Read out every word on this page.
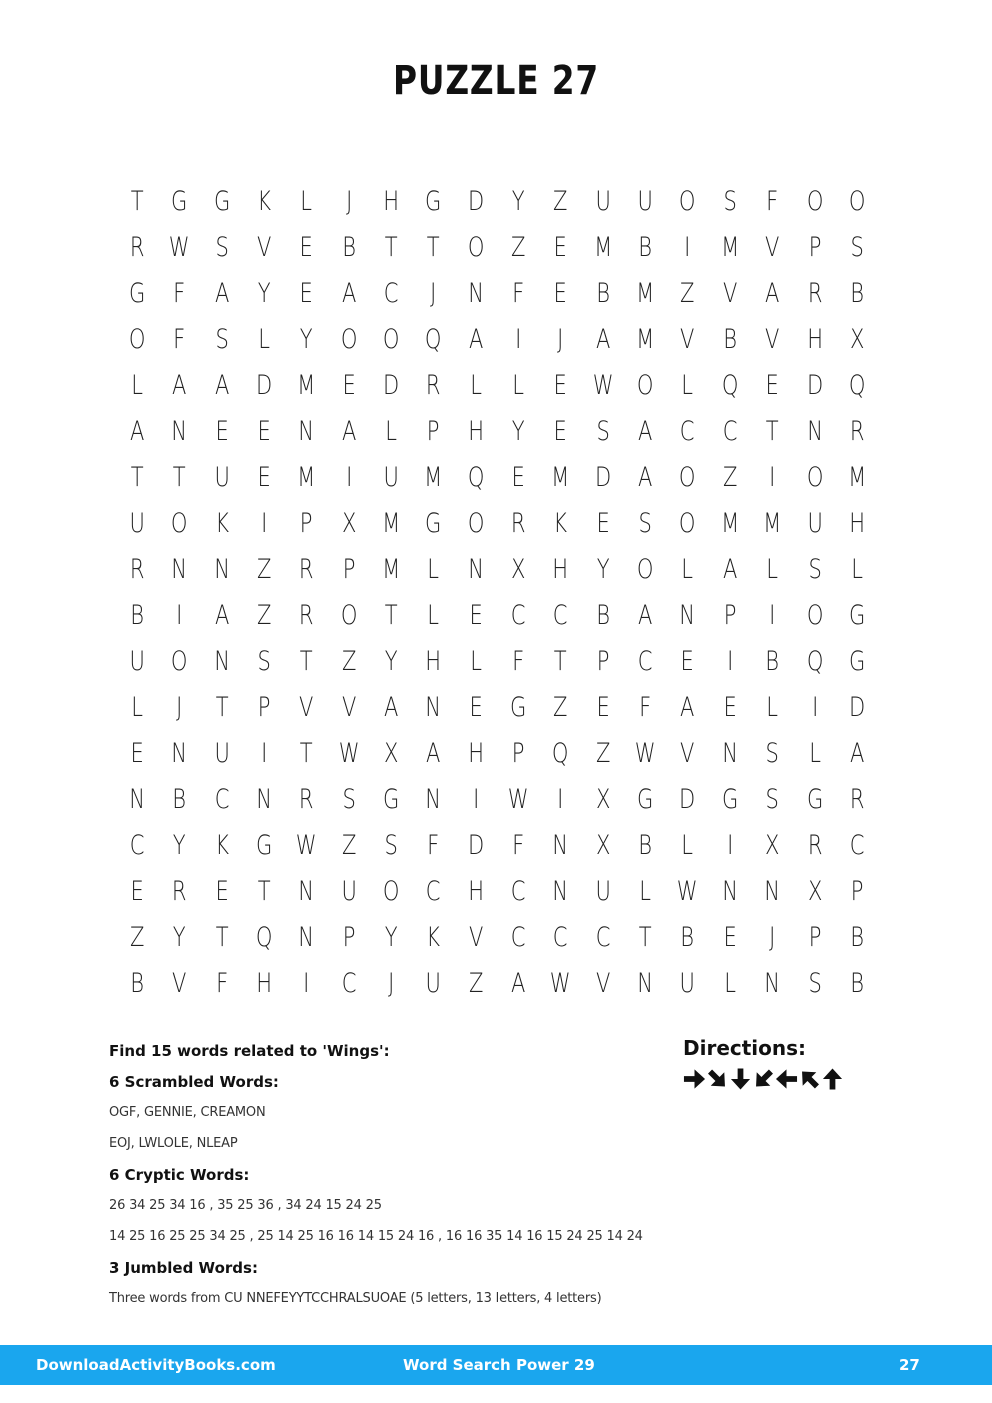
PUZZLE 27
T	G G	K	L	J	H G D	Y	Z	U U O	S	F	O O
R W S	V	E	B	T	T	O Z	E M B	I	M V	P	S
G	F	A	Y	E	A	C	J	N	F	E	B M Z	V	A	R	B
O	F	S	L	Y	O O Q A	I	J	A M V	B	V	H	X
L	A	A	D M E	D R	L	L	E W O	L	Q	E	D Q
A	N	E	E	N	A	L	P	H	Y	E	S	A	C	C	T	N	R
T	T	U	E M	I	U M Q	E M D	A O Z	I	O M
U O	K	I	P	X M G O R	K	E	S	O M M U H
R	N N	Z	R	P M	L	N	X	H	Y	O	L	A	L	S	L
B	I	A	Z	R O	T	L	E	C	C	B	A	N	P	I	O G
U O N	S	T	Z	Y	H	L	F	T	P	C	E	I	B	Q G
L	J	T	P	V	V	A	N	E	G Z	E	F	A	E	L	I	D
E	N U	I	T W X	A	H	P	Q Z W V	N	S	L	A
N	B	C	N	R	S	G N	I	W	I	X G D G	S	G R
C	Y	K	G W Z	S	F	D	F	N	X	B	L	I	X	R	C
E	R	E	T	N U O C	H	C	N U	L W N N	X	P
Z	Y	T	Q N	P	Y	K	V	C	C	C	T	B	E	J	P	B
B	V	F	H	I	C	J	U	Z	A W V	N U	L	N	S	B
Find 15 words related to 'Wings':
6 Scrambled Words:
OGF, GENNIE, CREAMON
EOJ, LWLOLE, NLEAP
6 Cryptic Words:
26 34 25 34 16 , 35 25 36 , 34 24 15 24 25
14 25 16 25 25 34 25 , 25 14 25 16 16 14 15 24 16 , 16 16 35 14 16 15 24 25 14 24
3 Jumbled Words:
Three words from CU NNEFEYYTCCHRALSUOAE (5 letters, 13 letters, 4 letters)
Directions:
DownloadActivityBooks.com	Word Search Power 29	27
